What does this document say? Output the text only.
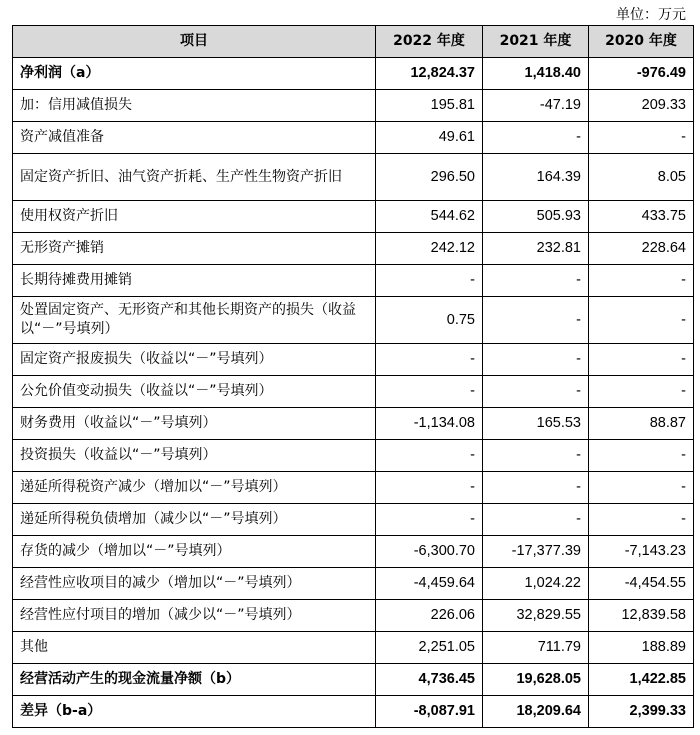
单位：万元
项目	2022 年度	2021 年度	2020 年度
净利润（a）	12,824.37	1,418.40	-976.49
加：信用减值损失	195.81	-47.19	209.33
资产减值准备	49.61	-	-
固定资产折旧、油气资产折耗、生产性生物资产折旧	296.50	164.39	8.05
使用权资产折旧	544.62	505.93	433.75
无形资产摊销	242.12	232.81	228.64
长期待摊费用摊销	-	-	-
处置固定资产、无形资产和其他长期资产的损失（收益以“－”号填列）	0.75	-	-
固定资产报废损失（收益以“－”号填列）	-	-	-
公允价值变动损失（收益以“－”号填列）	-	-	-
财务费用（收益以“－”号填列）	-1,134.08	165.53	88.87
投资损失（收益以“－”号填列）	-	-	-
递延所得税资产减少（增加以“－”号填列）	-	-	-
递延所得税负债增加（减少以“－”号填列）	-	-	-
存货的减少（增加以“－”号填列）	-6,300.70	-17,377.39	-7,143.23
经营性应收项目的减少（增加以“－”号填列）	-4,459.64	1,024.22	-4,454.55
经营性应付项目的增加（减少以“－”号填列）	226.06	32,829.55	12,839.58
其他	2,251.05	711.79	188.89
经营活动产生的现金流量净额（b）	4,736.45	19,628.05	1,422.85
差异（b-a）	-8,087.91	18,209.64	2,399.33
